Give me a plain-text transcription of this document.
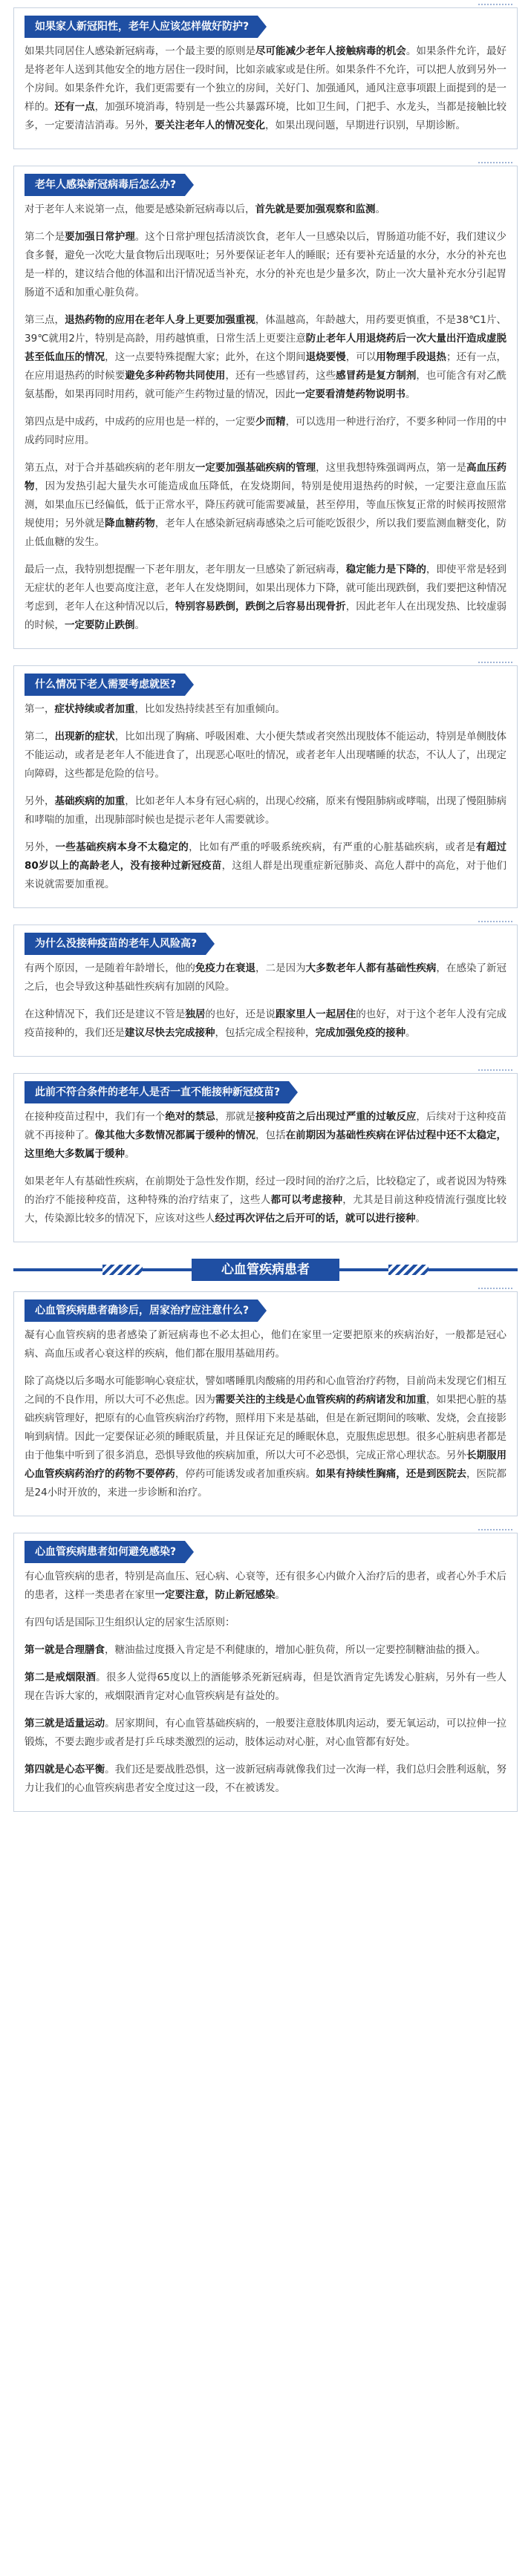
如果家人新冠阳性，老年人应该怎样做好防护?

如果共同居住人感染新冠病毒，一个最主要的原则是尽可能减少老年人接触病毒的机会。如果条件允许，最好是将老年人送到其他安全的地方居住一段时间，比如亲戚家或是住所。如果条件不允许，可以把人放到另外一个房间。如果条件允许，我们更需要有一个独立的房间，关好门、加强通风，通风注意事项跟上面提到的是一样的。还有一点，加强环境消毒，特别是一些公共暴露环境，比如卫生间，门把手、水龙头，当都是接触比较多，一定要清洁消毒。另外，要关注老年人的情况变化，如果出现问题，早期进行识别，早期诊断。

老年人感染新冠病毒后怎么办?

对于老年人来说第一点，他要是感染新冠病毒以后，首先就是要加强观察和监测。

第二个是要加强日常护理。这个日常护理包括清淡饮食，老年人一旦感染以后，胃肠道功能不好，我们建议少食多餐，避免一次吃大量食物后出现呕吐；另外要保证老年人的睡眠；还有要补充适量的水分，水分的补充也是一样的，建议结合他的体温和出汗情况适当补充，水分的补充也是少量多次，防止一次大量补充水分引起胃肠道不适和加重心脏负荷。

第三点，退热药物的应用在老年人身上更要加强重视，体温越高，年龄越大，用药要更慎重，不是38℃1片、39℃就用2片，特别是高龄，用药越慎重，日常生活上更要注意防止老年人用退烧药后一次大量出汗造成虚脱甚至低血压的情况，这一点要特殊提醒大家；此外，在这个期间退烧要慢，可以用物理手段退热；还有一点，在应用退热药的时候要避免多种药物共同使用，还有一些感冒药，这些感冒药是复方制剂，也可能含有对乙酰氨基酚，如果再同时用药，就可能产生药物过量的情况，因此一定要看清楚药物说明书。

第四点是中成药，中成药的应用也是一样的，一定要少而精，可以选用一种进行治疗，不要多种同一作用的中成药同时应用。

第五点，对于合并基础疾病的老年朋友一定要加强基础疾病的管理，这里我想特殊强调两点，第一是高血压药物，因为发热引起大量失水可能造成血压降低，在发烧期间，特别是使用退热药的时候，一定要注意血压监测，如果血压已经偏低，低于正常水平，降压药就可能需要减量，甚至停用，等血压恢复正常的时候再按照常规使用；另外就是降血糖药物，老年人在感染新冠病毒感染之后可能吃饭很少，所以我们要监测血糖变化，防止低血糖的发生。

最后一点，我特别想提醒一下老年朋友，老年朋友一旦感染了新冠病毒，稳定能力是下降的，即使平常是轻到无症状的老年人也要高度注意，老年人在发烧期间，如果出现体力下降，就可能出现跌倒，我们要把这种情况考虑到，老年人在这种情况以后，特别容易跌倒，跌倒之后容易出现骨折，因此老年人在出现发热、比较虚弱的时候，一定要防止跌倒。

什么情况下老人需要考虑就医?

第一，症状持续或者加重，比如发热持续甚至有加重倾向。

第二，出现新的症状，比如出现了胸痛、呼吸困难、大小便失禁或者突然出现肢体不能运动，特别是单侧肢体不能运动，或者是老年人不能进食了，出现恶心呕吐的情况，或者老年人出现嗜睡的状态，不认人了，出现定向障碍，这些都是危险的信号。

另外，基础疾病的加重，比如老年人本身有冠心病的，出现心绞痛，原来有慢阻肺病或哮喘，出现了慢阻肺病和哮喘的加重，出现肺部时候也是提示老年人需要就诊。

另外，一些基础疾病本身不太稳定的，比如有严重的呼吸系统疾病，有严重的心脏基础疾病，或者是有超过80岁以上的高龄老人，没有接种过新冠疫苗，这组人群是出现重症新冠肺炎、高危人群中的高危，对于他们来说就需要加重视。

为什么没接种疫苗的老年人风险高?

有两个原因，一是随着年龄增长，他的免疫力在衰退，二是因为大多数老年人都有基础性疾病，在感染了新冠之后，也会导致这种基础性疾病有加剧的风险。

在这种情况下，我们还是建议不管是独居的也好，还是说跟家里人一起居住的也好，对于这个老年人没有完成疫苗接种的，我们还是建议尽快去完成接种，包括完成全程接种，完成加强免疫的接种。

此前不符合条件的老年人是否一直不能接种新冠疫苗?

在接种疫苗过程中，我们有一个绝对的禁忌，那就是接种疫苗之后出现过严重的过敏反应，后续对于这种疫苗就不再接种了。像其他大多数情况都属于缓种的情况，包括在前期因为基础性疾病在评估过程中还不太稳定，这里绝大多数属于缓种。

如果老年人有基础性疾病，在前期处于急性发作期，经过一段时间的治疗之后，比较稳定了，或者说因为特殊的治疗不能接种疫苗，这种特殊的治疗结束了，这些人都可以考虑接种，尤其是目前这种疫情流行强度比较大，传染源比较多的情况下，应该对这些人经过再次评估之后开可的话，就可以进行接种。

心血管疾病患者
心血管疾病患者确诊后，居家治疗应注意什么?

凝有心血管疾病的患者感染了新冠病毒也不必太担心，他们在家里一定要把原来的疾病治好，一般都是冠心病、高血压或者心衰这样的疾病，他们都在服用基础用药。

除了高烧以后多喝水可能影响心衰症状，譬如嗜睡肌肉酸痛的用药和心血管治疗药物，目前尚未发现它们相互之间的不良作用，所以大可不必焦虑。因为需要关注的主线是心血管疾病的药病诸发和加重，如果把心脏的基础疾病管理好，把原有的心血管疾病治疗药物，照样用下来是基础，但是在新冠期间的咳嗽、发烧，会直接影响到病情。因此一定要保证必须的睡眠质量，并且保证充足的睡眠休息，克服焦虑思想。很多心脏病患者都是由于他集中听到了很多消息，恐惧导致他的疾病加重，所以大可不必恐惧，完成正常心理状态。另外长期服用心血管疾病药治疗的药物不要停药，停药可能诱发或者加重疾病。如果有持续性胸痛，还是到医院去，医院都是24小时开放的，来进一步诊断和治疗。

心血管疾病患者如何避免感染?

有心血管疾病的患者，特别是高血压、冠心病、心衰等，还有很多心内做介入治疗后的患者，或者心外手术后的患者，这样一类患者在家里一定要注意，防止新冠感染。

有四句话是国际卫生组织认定的居家生活原则：

第一就是合理膳食，糖油盐过度摄入肯定是不利健康的，增加心脏负荷，所以一定要控制糖油盐的摄入。

第二是戒烟限酒。很多人觉得65度以上的酒能够杀死新冠病毒，但是饮酒肯定先诱发心脏病，另外有一些人现在告诉大家的，戒烟限酒肯定对心血管疾病是有益处的。

第三就是适量运动。居家期间，有心血管基础疾病的，一般要注意肢体肌肉运动，要无氧运动，可以拉伸一拉锻炼，不要去跑步或者是打乒乓球类激烈的运动，肢体运动对心脏，对心血管都有好处。

第四就是心态平衡。我们还是要战胜恐惧，这一波新冠病毒就像我们过一次海一样，我们总归会胜利返航，努力让我们的心血管疾病患者安全度过这一段，不在被诱发。
